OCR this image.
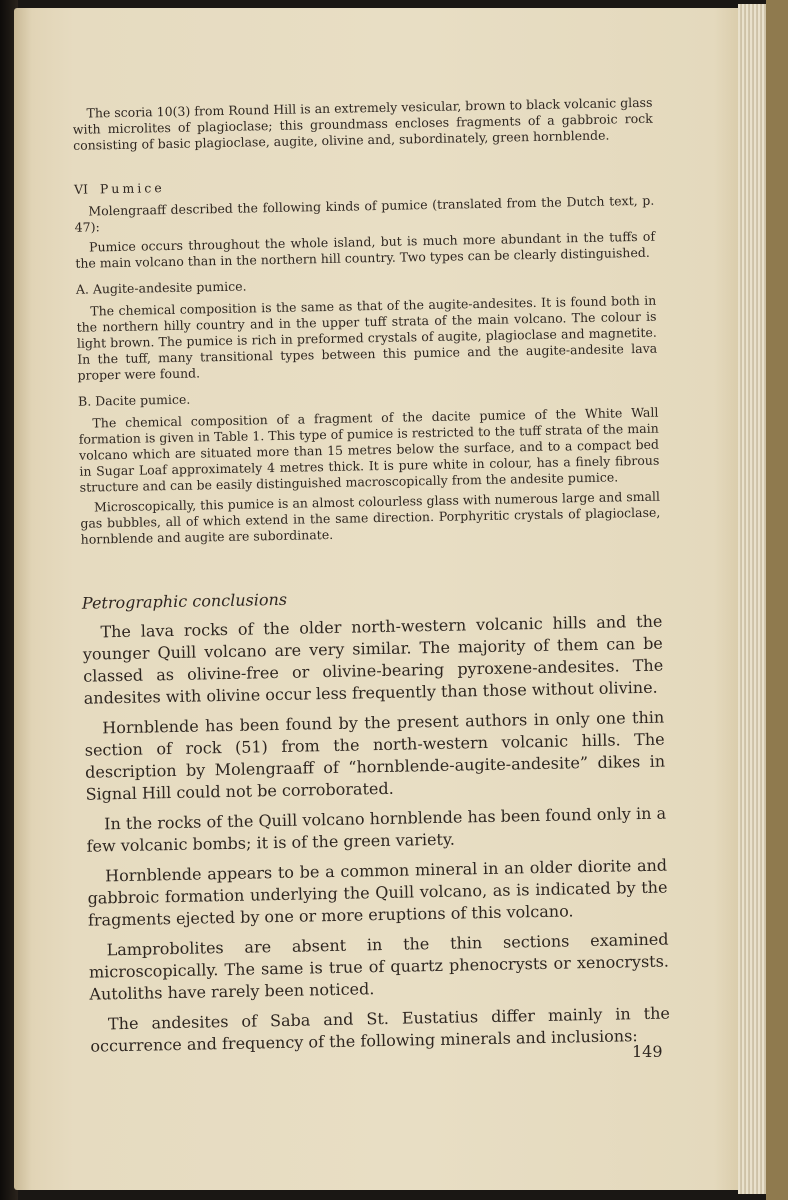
The scoria 10(3) from Round Hill is an extremely vesicular, brown to black volcanic glass with microlites of plagioclase; this groundmass encloses fragments of a gabbroic rock consisting of basic plagioclase, augite, olivine and, subordinately, green hornblende.

VI Pumice

Molengraaff described the following kinds of pumice (translated from the Dutch text, p. 47):

Pumice occurs throughout the whole island, but is much more abundant in the tuffs of the main volcano than in the northern hill country. Two types can be clearly distinguished.

A. Augite-andesite pumice.

The chemical composition is the same as that of the augite-andesites. It is found both in the northern hilly country and in the upper tuff strata of the main volcano. The colour is light brown. The pumice is rich in preformed crystals of augite, plagioclase and magnetite. In the tuff, many transitional types between this pumice and the augite-andesite lava proper were found.

B. Dacite pumice.

The chemical composition of a fragment of the dacite pumice of the White Wall formation is given in Table 1. This type of pumice is restricted to the tuff strata of the main volcano which are situated more than 15 metres below the surface, and to a compact bed in Sugar Loaf approximately 4 metres thick. It is pure white in colour, has a finely fibrous structure and can be easily distinguished macroscopically from the andesite pumice.

Microscopically, this pumice is an almost colourless glass with numerous large and small gas bubbles, all of which extend in the same direction. Porphyritic crystals of plagioclase, hornblende and augite are subordinate.

Petrographic conclusions

The lava rocks of the older north-western volcanic hills and the younger Quill volcano are very similar. The majority of them can be classed as olivine-free or olivine-bearing pyroxene-andesites. The andesites with olivine occur less frequently than those without olivine.

Hornblende has been found by the present authors in only one thin section of rock (51) from the north-western volcanic hills. The description by Molengraaff of “hornblende-augite-andesite” dikes in Signal Hill could not be corroborated.

In the rocks of the Quill volcano hornblende has been found only in a few volcanic bombs; it is of the green variety.

Hornblende appears to be a common mineral in an older diorite and gabbroic formation underlying the Quill volcano, as is indicated by the fragments ejected by one or more eruptions of this volcano.

Lamprobolites are absent in the thin sections examined microscopically. The same is true of quartz phenocrysts or xenocrysts. Autoliths have rarely been noticed.

The andesites of Saba and St. Eustatius differ mainly in the occurrence and frequency of the following minerals and inclusions:

149
